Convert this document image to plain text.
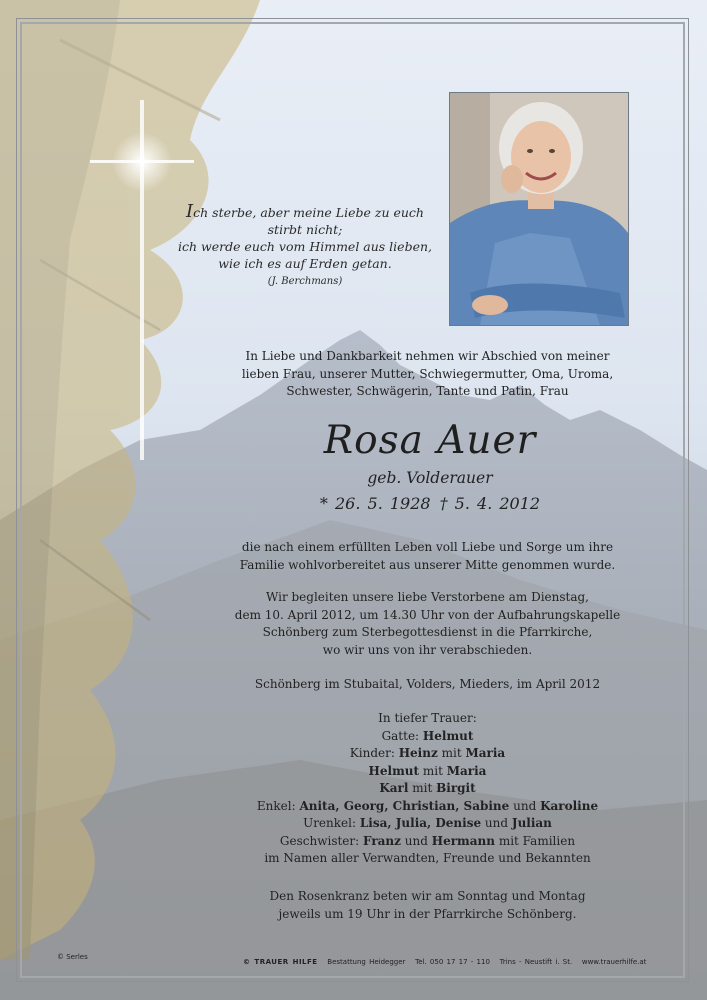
Ich sterbe, aber meine Liebe zu euch
stirbt nicht;
ich werde euch vom Himmel aus lieben,
wie ich es auf Erden getan.
(J. Berchmans)
In Liebe und Dankbarkeit nehmen wir Abschied von meiner
lieben Frau, unserer Mutter, Schwiegermutter, Oma, Uroma,
Schwester, Schwägerin, Tante und Patin, Frau
Rosa Auer
geb. Volderauer
* 26. 5. 1928 † 5. 4. 2012
die nach einem erfüllten Leben voll Liebe und Sorge um ihre
Familie wohlvorbereitet aus unserer Mitte genommen wurde.
Wir begleiten unsere liebe Verstorbene am Dienstag,
dem 10. April 2012, um 14.30 Uhr von der Aufbahrungskapelle
Schönberg zum Sterbegottesdienst in die Pfarrkirche,
wo wir uns von ihr verabschieden.
Schönberg im Stubaital, Volders, Mieders, im April 2012
In tiefer Trauer:
Gatte: Helmut
Kinder: Heinz mit Maria
Helmut mit Maria
Karl mit Birgit
Enkel: Anita, Georg, Christian, Sabine und Karoline
Urenkel: Lisa, Julia, Denise und Julian
Geschwister: Franz und Hermann mit Familien
im Namen aller Verwandten, Freunde und Bekannten
Den Rosenkranz beten wir am Sonntag und Montag
jeweils um 19 Uhr in der Pfarrkirche Schönberg.
© Serles
© TRAUER HILFE Bestattung Heidegger Tel. 050 17 17 - 110 Trins - Neustift i. St. www.trauerhilfe.at
